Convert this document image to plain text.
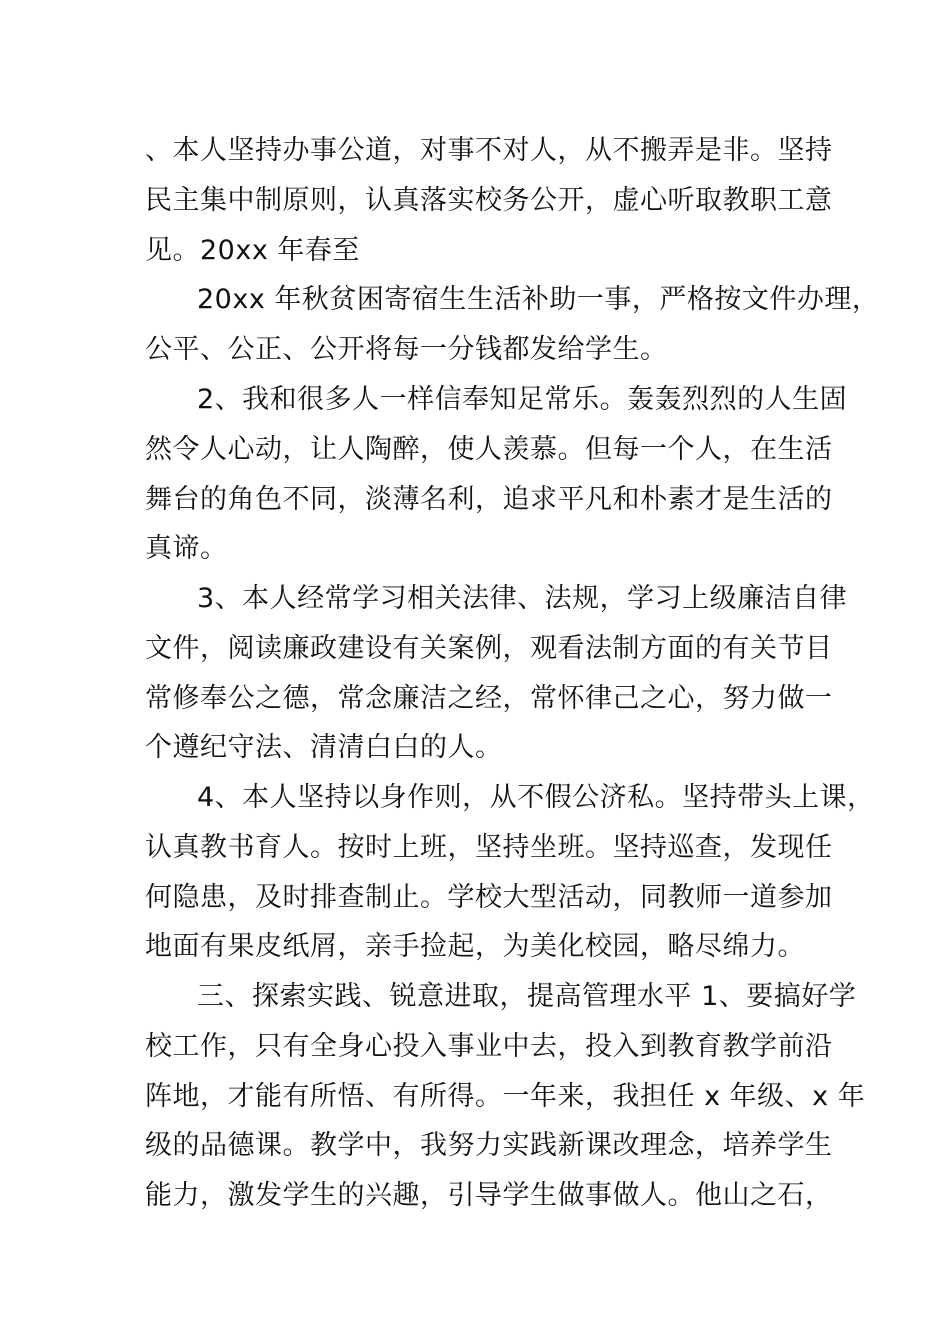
、本人坚持办事公道，对事不对人，从不搬弄是非。坚持
民主集中制原则，认真落实校务公开，虚心听取教职工意
见。20xx 年春至
20xx 年秋贫困寄宿生生活补助一事，严格按文件办理，
公平、公正、公开将每一分钱都发给学生。
2、我和很多人一样信奉知足常乐。轰轰烈烈的人生固
然令人心动，让人陶醉，使人羡慕。但每一个人，在生活
舞台的角色不同，淡薄名利，追求平凡和朴素才是生活的
真谛。
3、本人经常学习相关法律、法规，学习上级廉洁自律
文件，阅读廉政建设有关案例，观看法制方面的有关节目
常修奉公之德，常念廉洁之经，常怀律己之心，努力做一
个遵纪守法、清清白白的人。
4、本人坚持以身作则，从不假公济私。坚持带头上课，
认真教书育人。按时上班，坚持坐班。坚持巡查，发现任
何隐患，及时排查制止。学校大型活动，同教师一道参加
地面有果皮纸屑，亲手捡起，为美化校园，略尽绵力。
三、探索实践、锐意进取，提高管理水平 1、要搞好学
校工作，只有全身心投入事业中去，投入到教育教学前沿
阵地，才能有所悟、有所得。一年来，我担任 x 年级、x 年
级的品德课。教学中，我努力实践新课改理念，培养学生
能力，激发学生的兴趣，引导学生做事做人。他山之石，
